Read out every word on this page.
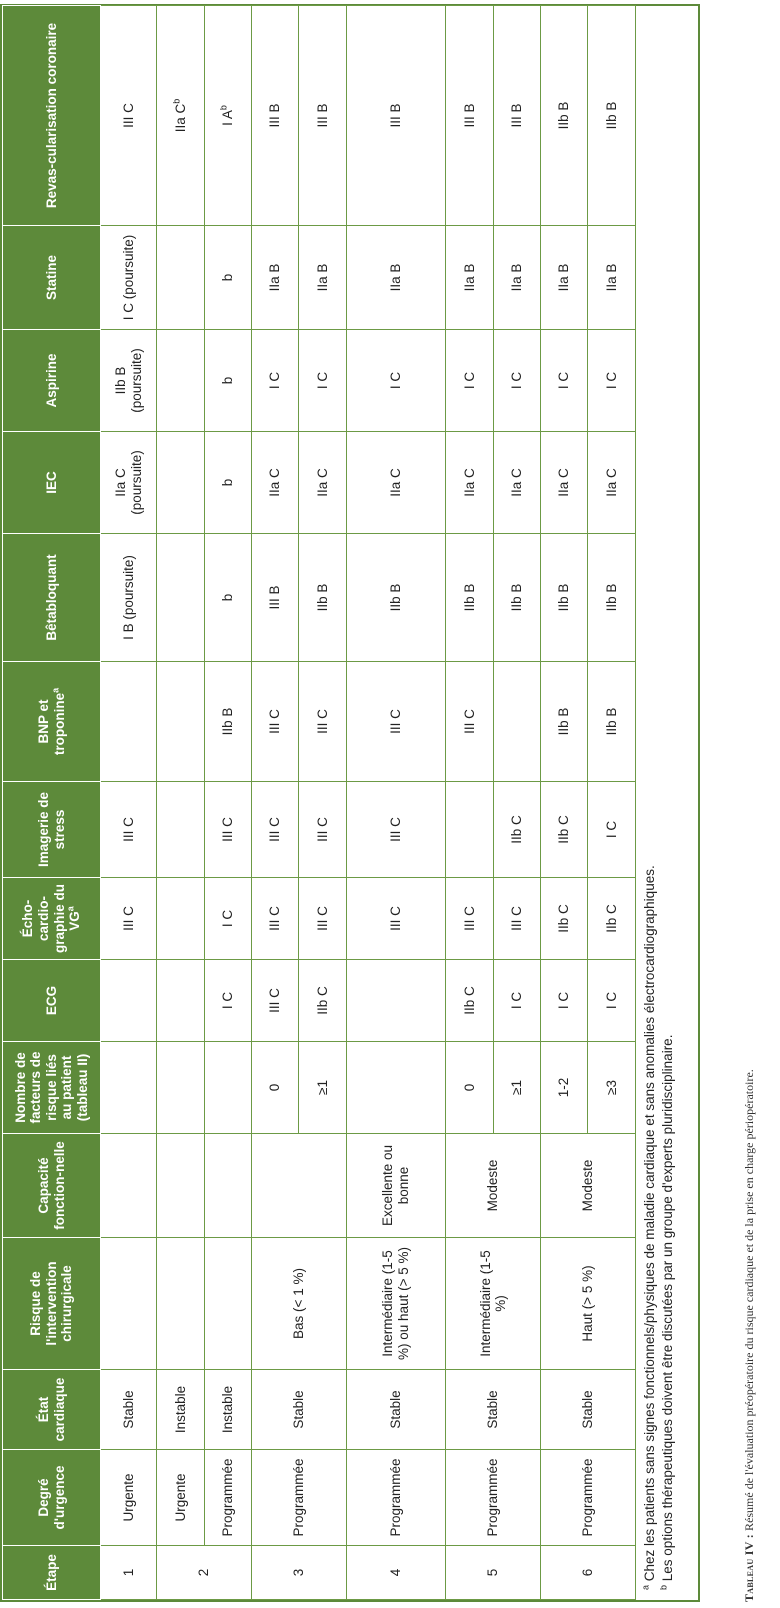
Étape	Degré d'urgence	État cardiaque	Risque de l'intervention chirurgicale	Capacité fonction-nelle	Nombre de facteurs de risque liés au patient (tableau II)	ECG	Écho-cardio-graphie du $VG^a$	Imagerie de stress	BNP et troponine$^a$	Bêtabloquant	IEC	Aspirine	Statine	Revas-cularisation coronaire
1	Urgente	Stable					III C	III C		I B (poursuite)	IIa C (poursuite)	IIb B (poursuite)	I C (poursuite)	III C
2	Urgente	Instable												IIa $C^b$
	Programmée	Instable				I C	I C	III C	IIb B	b	b	b	b	I $A^b$
3	Programmée	Stable	Bas (< 1 %)		0	III C	III C	III C	III C	III B	IIa C	I C	IIa B	III B
					≥1	IIb C	III C	III C	III C	IIb B	IIa C	I C	IIa B	III B
4	Programmée	Stable	Intermédiaire (1-5 %) ou haut (> 5 %)	Excellente ou bonne			III C	III C	III C	IIb B	IIa C	I C	IIa B	III B
5	Programmée	Stable	Intermédiaire (1-5 %)	Modeste	0	IIb C	III C		III C	IIb B	IIa C	I C	IIa B	III B
					≥1	I C	III C	IIb C		IIb B	IIa C	I C	IIa B	III B
6	Programmée	Stable	Haut (> 5 %)	Modeste	1-2	I C	IIb C	IIb C	IIb B	IIb B	IIa C	I C	IIa B	IIb B
					≥3	I C	IIb C	I C	IIb B	IIb B	IIa C	I C	IIa B	IIb B
$^a$ Chez les patients sans signes fonctionnels/physiques de maladie cardiaque et sans anomalies électrocardiographiques.
$^b$ Les options thérapeutiques doivent être discutées par un groupe d'experts pluridisciplinaire.	Tableau IV : Résumé de l'évaluation préopératoire du risque cardiaque et de la prise en charge périopératoire.
